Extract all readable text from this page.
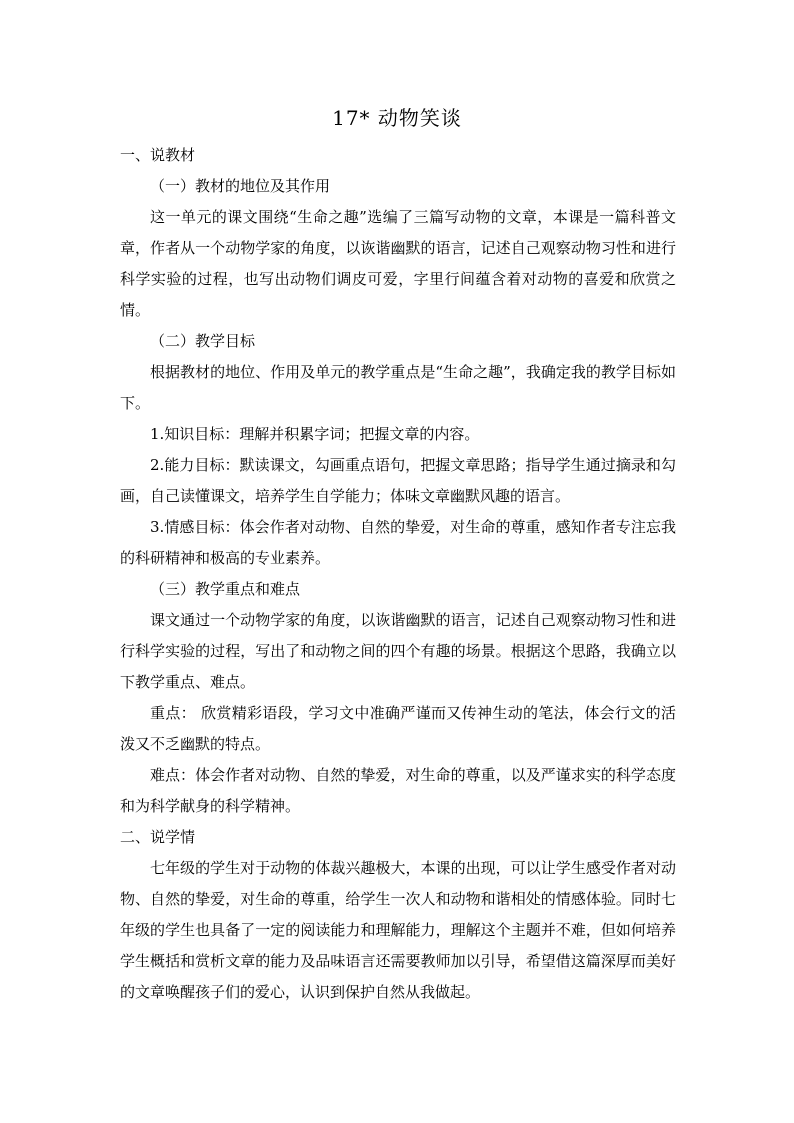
17* 动物笑谈

一、说教材

（一）教材的地位及其作用

这一单元的课文围绕“生命之趣”选编了三篇写动物的文章，本课是一篇科普文章，作者从一个动物学家的角度，以诙谐幽默的语言，记述自己观察动物习性和进行科学实验的过程，也写出动物们调皮可爱，字里行间蕴含着对动物的喜爱和欣赏之情。

（二）教学目标

根据教材的地位、作用及单元的教学重点是“生命之趣”，我确定我的教学目标如下。

1.知识目标：理解并积累字词；把握文章的内容。

2.能力目标：默读课文，勾画重点语句，把握文章思路；指导学生通过摘录和勾画，自己读懂课文，培养学生自学能力；体味文章幽默风趣的语言。

3.情感目标：体会作者对动物、自然的挚爱，对生命的尊重，感知作者专注忘我的科研精神和极高的专业素养。

（三）教学重点和难点

课文通过一个动物学家的角度，以诙谐幽默的语言，记述自己观察动物习性和进行科学实验的过程，写出了和动物之间的四个有趣的场景。根据这个思路，我确立以下教学重点、难点。

重点： 欣赏精彩语段，学习文中准确严谨而又传神生动的笔法，体会行文的活泼又不乏幽默的特点。

难点：体会作者对动物、自然的挚爱，对生命的尊重，以及严谨求实的科学态度和为科学献身的科学精神。

二、说学情

七年级的学生对于动物的体裁兴趣极大，本课的出现，可以让学生感受作者对动物、自然的挚爱，对生命的尊重，给学生一次人和动物和谐相处的情感体验。同时七年级的学生也具备了一定的阅读能力和理解能力，理解这个主题并不难，但如何培养学生概括和赏析文章的能力及品味语言还需要教师加以引导，希望借这篇深厚而美好的文章唤醒孩子们的爱心，认识到保护自然从我做起。
